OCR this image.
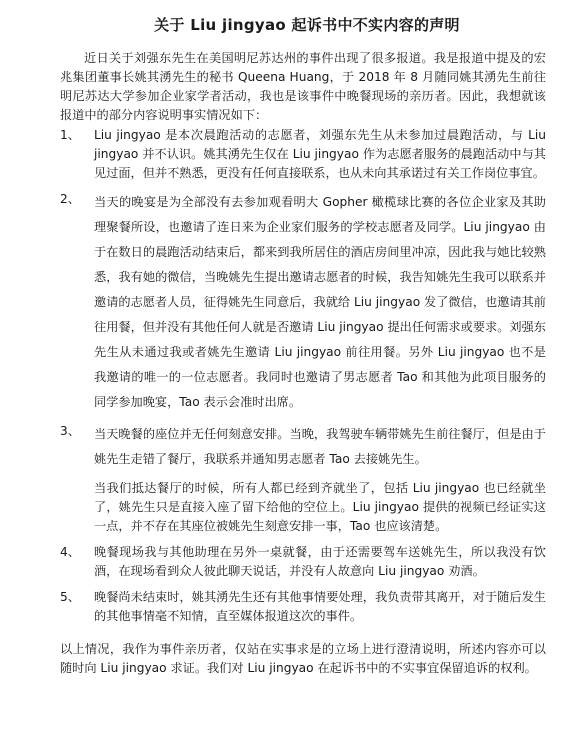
关于 Liu jingyao 起诉书中不实内容的声明

近日关于刘强东先生在美国明尼苏达州的事件出现了很多报道。我是报道中提及的宏兆集团董事长姚其湧先生的秘书 Queena Huang，于 2018 年 8 月随同姚其湧先生前往明尼苏达大学参加企业家学者活动，我也是该事件中晚餐现场的亲历者。因此，我想就该报道中的部分内容说明事实情况如下：

1、	Liu jingyao 是本次晨跑活动的志愿者，刘强东先生从未参加过晨跑活动，与 Liu jingyao 并不认识。姚其湧先生仅在 Liu jingyao 作为志愿者服务的晨跑活动中与其见过面，但并不熟悉，更没有任何直接联系，也从未向其承诺过有关工作岗位事宜。

2、	当天的晚宴是为全部没有去参加观看明大 Gopher 橄榄球比赛的各位企业家及其助理聚餐所设，也邀请了连日来为企业家们服务的学校志愿者及同学。Liu jingyao 由于在数日的晨跑活动结束后，都来到我所居住的酒店房间里冲凉，因此我与她比较熟悉，我有她的微信，当晚姚先生提出邀请志愿者的时候，我告知姚先生我可以联系并邀请的志愿者人员，征得姚先生同意后，我就给 Liu jingyao 发了微信，也邀请其前往用餐，但并没有其他任何人就是否邀请 Liu jingyao 提出任何需求或要求。刘强东先生从未通过我或者姚先生邀请 Liu jingyao 前往用餐。另外 Liu jingyao 也不是我邀请的唯一的一位志愿者。我同时也邀请了男志愿者 Tao 和其他为此项目服务的同学参加晚宴，Tao 表示会准时出席。

3、	当天晚餐的座位并无任何刻意安排。当晚，我驾驶车辆带姚先生前往餐厅，但是由于姚先生走错了餐厅，我联系并通知男志愿者 Tao 去接姚先生。

当我们抵达餐厅的时候，所有人都已经到齐就坐了，包括 Liu jingyao 也已经就坐了，姚先生只是直接入座了留下给他的空位上。Liu jingyao 提供的视频已经证实这一点，并不存在其座位被姚先生刻意安排一事，Tao 也应该清楚。

4、	晚餐现场我与其他助理在另外一桌就餐，由于还需要驾车送姚先生，所以我没有饮酒，在现场看到众人彼此聊天说话，并没有人故意向 Liu jingyao 劝酒。

5、	晚餐尚未结束时，姚其湧先生还有其他事情要处理，我负责带其离开，对于随后发生的其他事情毫不知情，直至媒体报道这次的事件。

以上情况，我作为事件亲历者，仅站在实事求是的立场上进行澄清说明，所述内容亦可以随时向 Liu jingyao 求证。我们对 Liu jingyao 在起诉书中的不实事宜保留追诉的权利。
